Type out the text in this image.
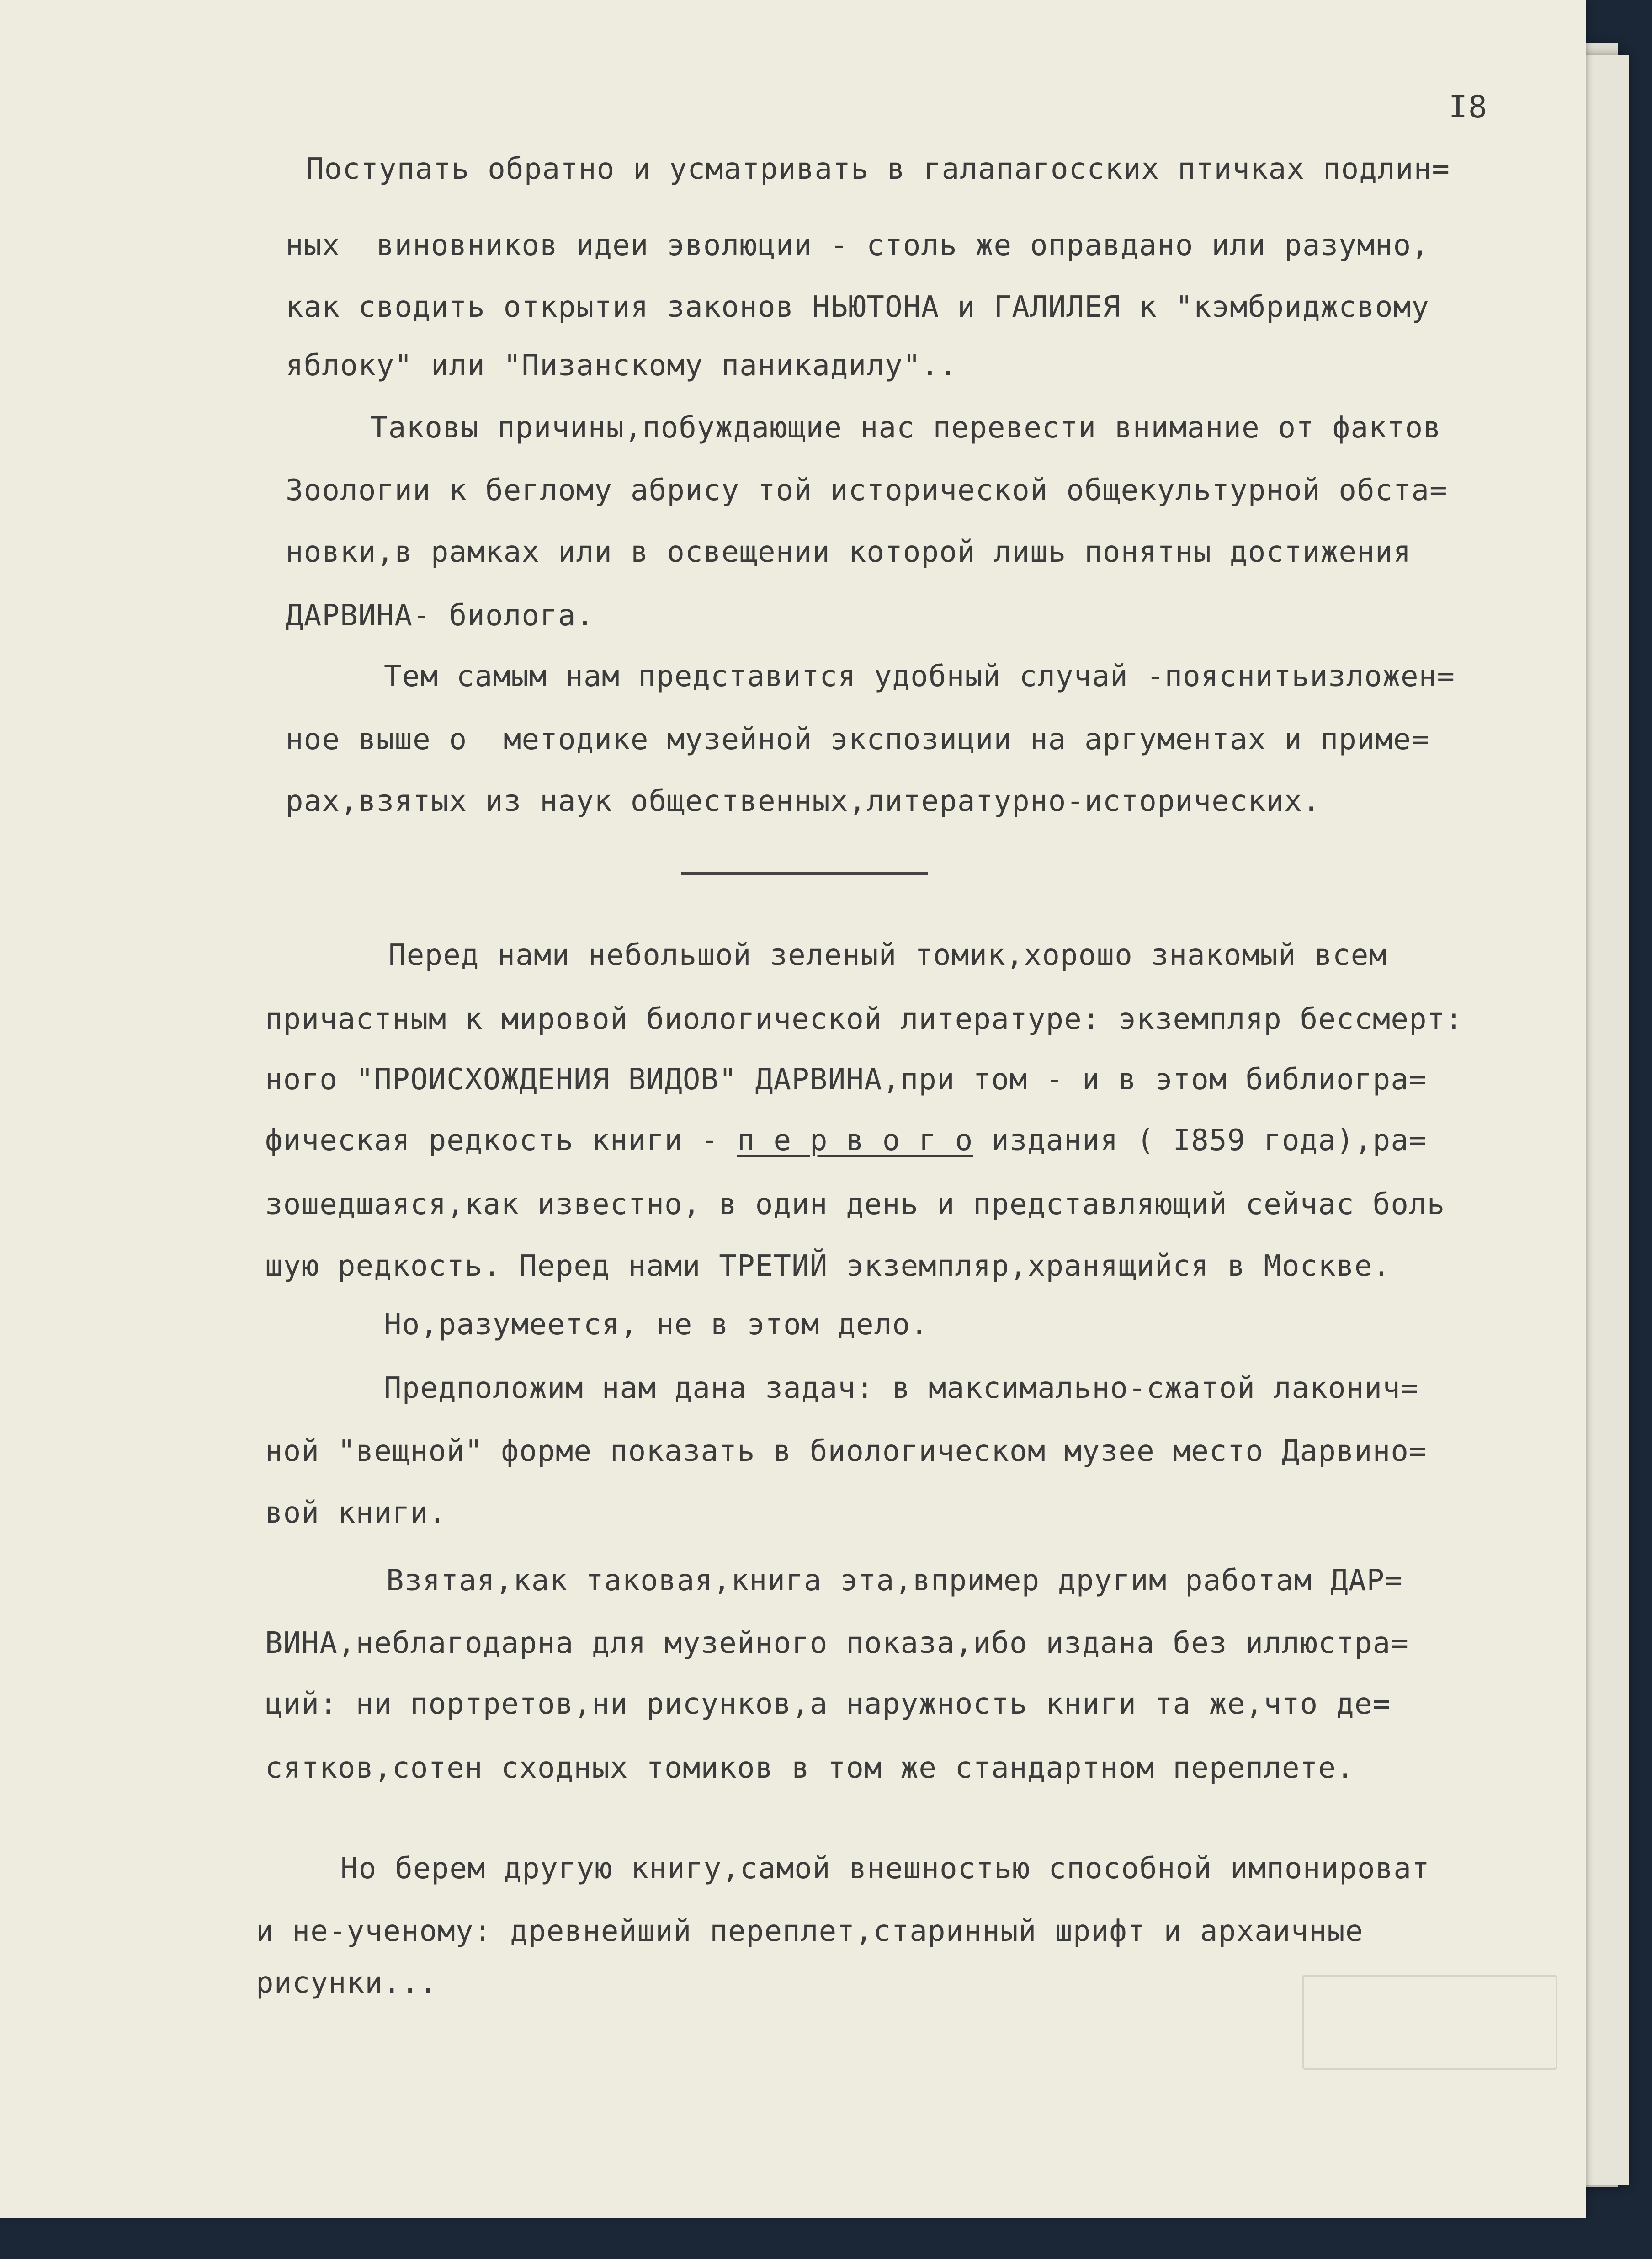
I8
Поступать обратно и усматривать в галапагосских птичках подлин=
ных  виновников идеи эволюции - столь же оправдано или разумно,
как сводить открытия законов НЬЮТОНА и ГАЛИЛЕЯ к "кэмбриджсвому
яблоку" или "Пизанскому паникадилу"..
Таковы причины,побуждающие нас перевести внимание от фактов
Зоологии к беглому абрису той исторической общекультурной обста=
новки,в рамках или в освещении которой лишь понятны достижения
ДАРВИНА- биолога.
Тем самым нам представится удобный случай -пояснитьизложен=
ное выше о  методике музейной экспозиции на аргументах и приме=
рах,взятых из наук общественных,литературно-исторических.
Перед нами небольшой зеленый томик,хорошо знакомый всем
причастным к мировой биологической литературе: экземпляр бессмерт:
ного "ПРОИСХОЖДЕНИЯ ВИДОВ" ДАРВИНА,при том - и в этом библиогра=
фическая редкость книги - п е р в о г о издания ( I859 года),ра=
зошедшаяся,как известно, в один день и представляющий сейчас боль
шую редкость. Перед нами ТРЕТИЙ экземпляр,хранящийся в Москве.
Но,разумеется, не в этом дело.
Предположим нам дана задач: в максимально-сжатой лаконич=
ной "вещной" форме показать в биологическом музее место Дарвино=
вой книги.
Взятая,как таковая,книга эта,впример другим работам ДАР=
ВИНА,неблагодарна для музейного показа,ибо издана без иллюстра=
ций: ни портретов,ни рисунков,а наружность книги та же,что де=
сятков,сотен сходных томиков в том же стандартном переплете.
Но берем другую книгу,самой внешностью способной импонироват
и не-ученому: древнейший переплет,старинный шрифт и архаичные
рисунки...
